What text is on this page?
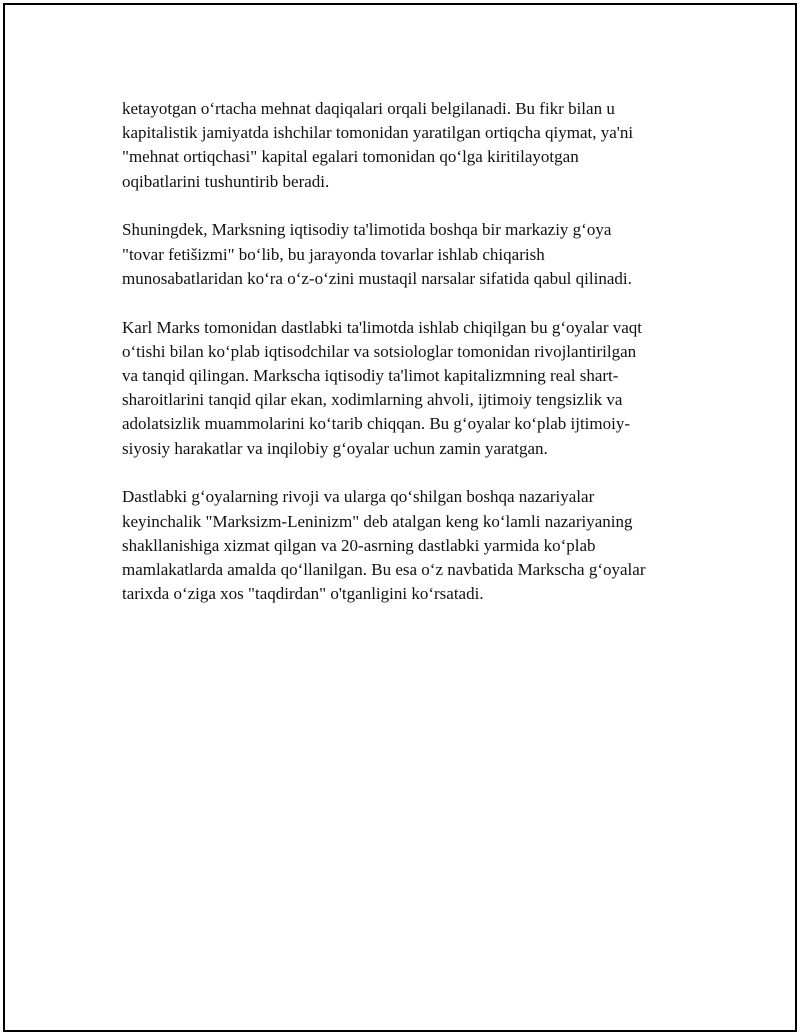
ketayotgan o‘rtacha mehnat daqiqalari orqali belgilanadi. Bu fikr bilan u
kapitalistik jamiyatda ishchilar tomonidan yaratilgan ortiqcha qiymat, ya'ni
"mehnat ortiqchasi" kapital egalari tomonidan qo‘lga kiritilayotgan
oqibatlarini tushuntirib beradi.

Shuningdek, Marksning iqtisodiy ta'limotida boshqa bir markaziy g‘oya
"tovar fetišizmi" bo‘lib, bu jarayonda tovarlar ishlab chiqarish
munosabatlaridan ko‘ra o‘z-o‘zini mustaqil narsalar sifatida qabul qilinadi.

Karl Marks tomonidan dastlabki ta'limotda ishlab chiqilgan bu g‘oyalar vaqt
o‘tishi bilan ko‘plab iqtisodchilar va sotsiologlar tomonidan rivojlantirilgan
va tanqid qilingan. Markscha iqtisodiy ta'limot kapitalizmning real shart-
sharoitlarini tanqid qilar ekan, xodimlarning ahvoli, ijtimoiy tengsizlik va
adolatsizlik muammolarini ko‘tarib chiqqan. Bu g‘oyalar ko‘plab ijtimoiy-
siyosiy harakatlar va inqilobiy g‘oyalar uchun zamin yaratgan.

Dastlabki g‘oyalarning rivoji va ularga qo‘shilgan boshqa nazariyalar
keyinchalik "Marksizm-Leninizm" deb atalgan keng ko‘lamli nazariyaning
shakllanishiga xizmat qilgan va 20-asrning dastlabki yarmida ko‘plab
mamlakatlarda amalda qo‘llanilgan. Bu esa o‘z navbatida Markscha g‘oyalar
tarixda o‘ziga xos "taqdirdan" o'tganligini ko‘rsatadi.
